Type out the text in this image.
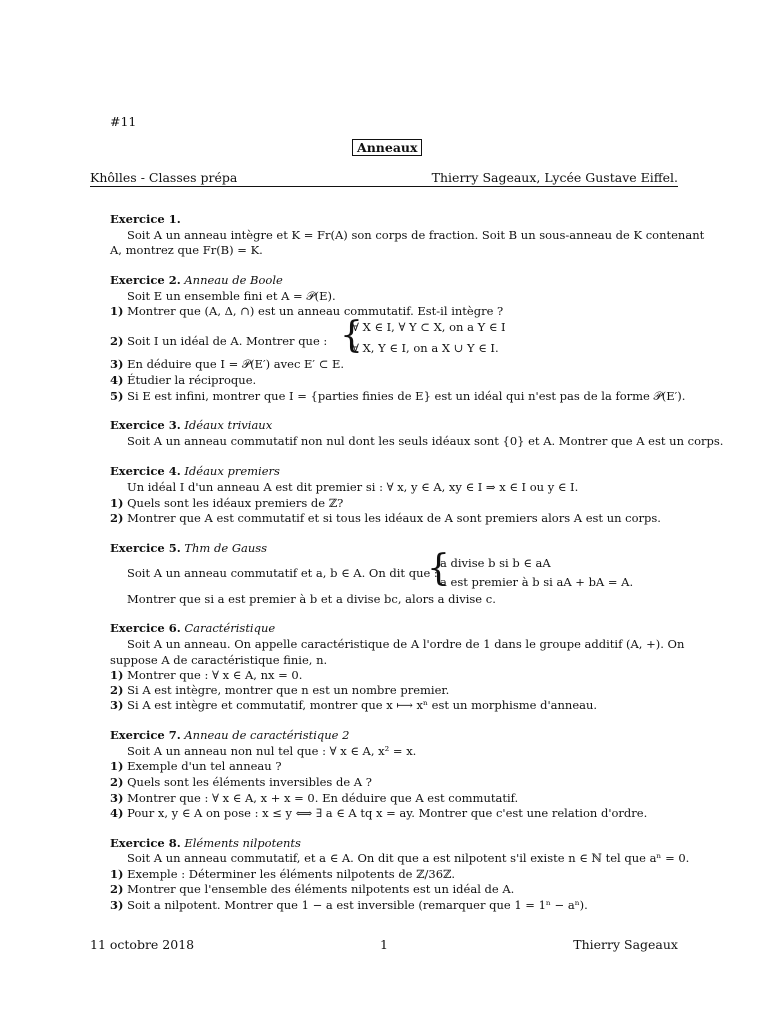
#11
Anneaux
Khôlles - Classes prépa	Thierry Sageaux, Lycée Gustave Eiffel.
Exercice 1.
Soit A un anneau intègre et K = Fr(A) son corps de fraction. Soit B un sous-anneau de K contenant
A, montrez que Fr(B) = K.
Exercice 2. Anneau de Boole
Soit E un ensemble fini et A = 𝒫(E).
1) Montrer que (A, Δ, ∩) est un anneau commutatif. Est-il intègre ?
2) Soit I un idéal de A. Montrer que : {
∀ X ∈ I, ∀ Y ⊂ X, on a Y ∈ I
∀ X, Y ∈ I, on a X ∪ Y ∈ I.
3) En déduire que I = 𝒫(E′) avec E′ ⊂ E.
4) Étudier la réciproque.
5) Si E est infini, montrer que I = {parties finies de E} est un idéal qui n'est pas de la forme 𝒫(E′).
Exercice 3. Idéaux triviaux
Soit A un anneau commutatif non nul dont les seuls idéaux sont {0} et A. Montrer que A est un corps.
Exercice 4. Idéaux premiers
Un idéal I d'un anneau A est dit premier si : ∀ x, y ∈ A, xy ∈ I ⇒ x ∈ I ou y ∈ I.
1) Quels sont les idéaux premiers de ℤ?
2) Montrer que A est commutatif et si tous les idéaux de A sont premiers alors A est un corps.
Exercice 5. Thm de Gauss
Soit A un anneau commutatif et a, b ∈ A. On dit que :
{
a divise b si b ∈ aA
a est premier à b si aA + bA = A.
Montrer que si a est premier à b et a divise bc, alors a divise c.
Exercice 6. Caractéristique
Soit A un anneau. On appelle caractéristique de A l'ordre de 1 dans le groupe additif (A, +). On
suppose A de caractéristique finie, n.
1) Montrer que : ∀ x ∈ A, nx = 0.
2) Si A est intègre, montrer que n est un nombre premier.
3) Si A est intègre et commutatif, montrer que x ⟼ xⁿ est un morphisme d'anneau.
Exercice 7. Anneau de caractéristique 2
Soit A un anneau non nul tel que : ∀ x ∈ A, x² = x.
1) Exemple d'un tel anneau ?
2) Quels sont les éléments inversibles de A ?
3) Montrer que : ∀ x ∈ A, x + x = 0. En déduire que A est commutatif.
4) Pour x, y ∈ A on pose : x ≤ y ⟺ ∃ a ∈ A tq x = ay. Montrer que c'est une relation d'ordre.
Exercice 8. Eléments nilpotents
Soit A un anneau commutatif, et a ∈ A. On dit que a est nilpotent s'il existe n ∈ ℕ tel que aⁿ = 0.
1) Exemple : Déterminer les éléments nilpotents de ℤ/36ℤ.
2) Montrer que l'ensemble des éléments nilpotents est un idéal de A.
3) Soit a nilpotent. Montrer que 1 − a est inversible (remarquer que 1 = 1ⁿ − aⁿ).
11 octobre 2018	1	Thierry Sageaux
